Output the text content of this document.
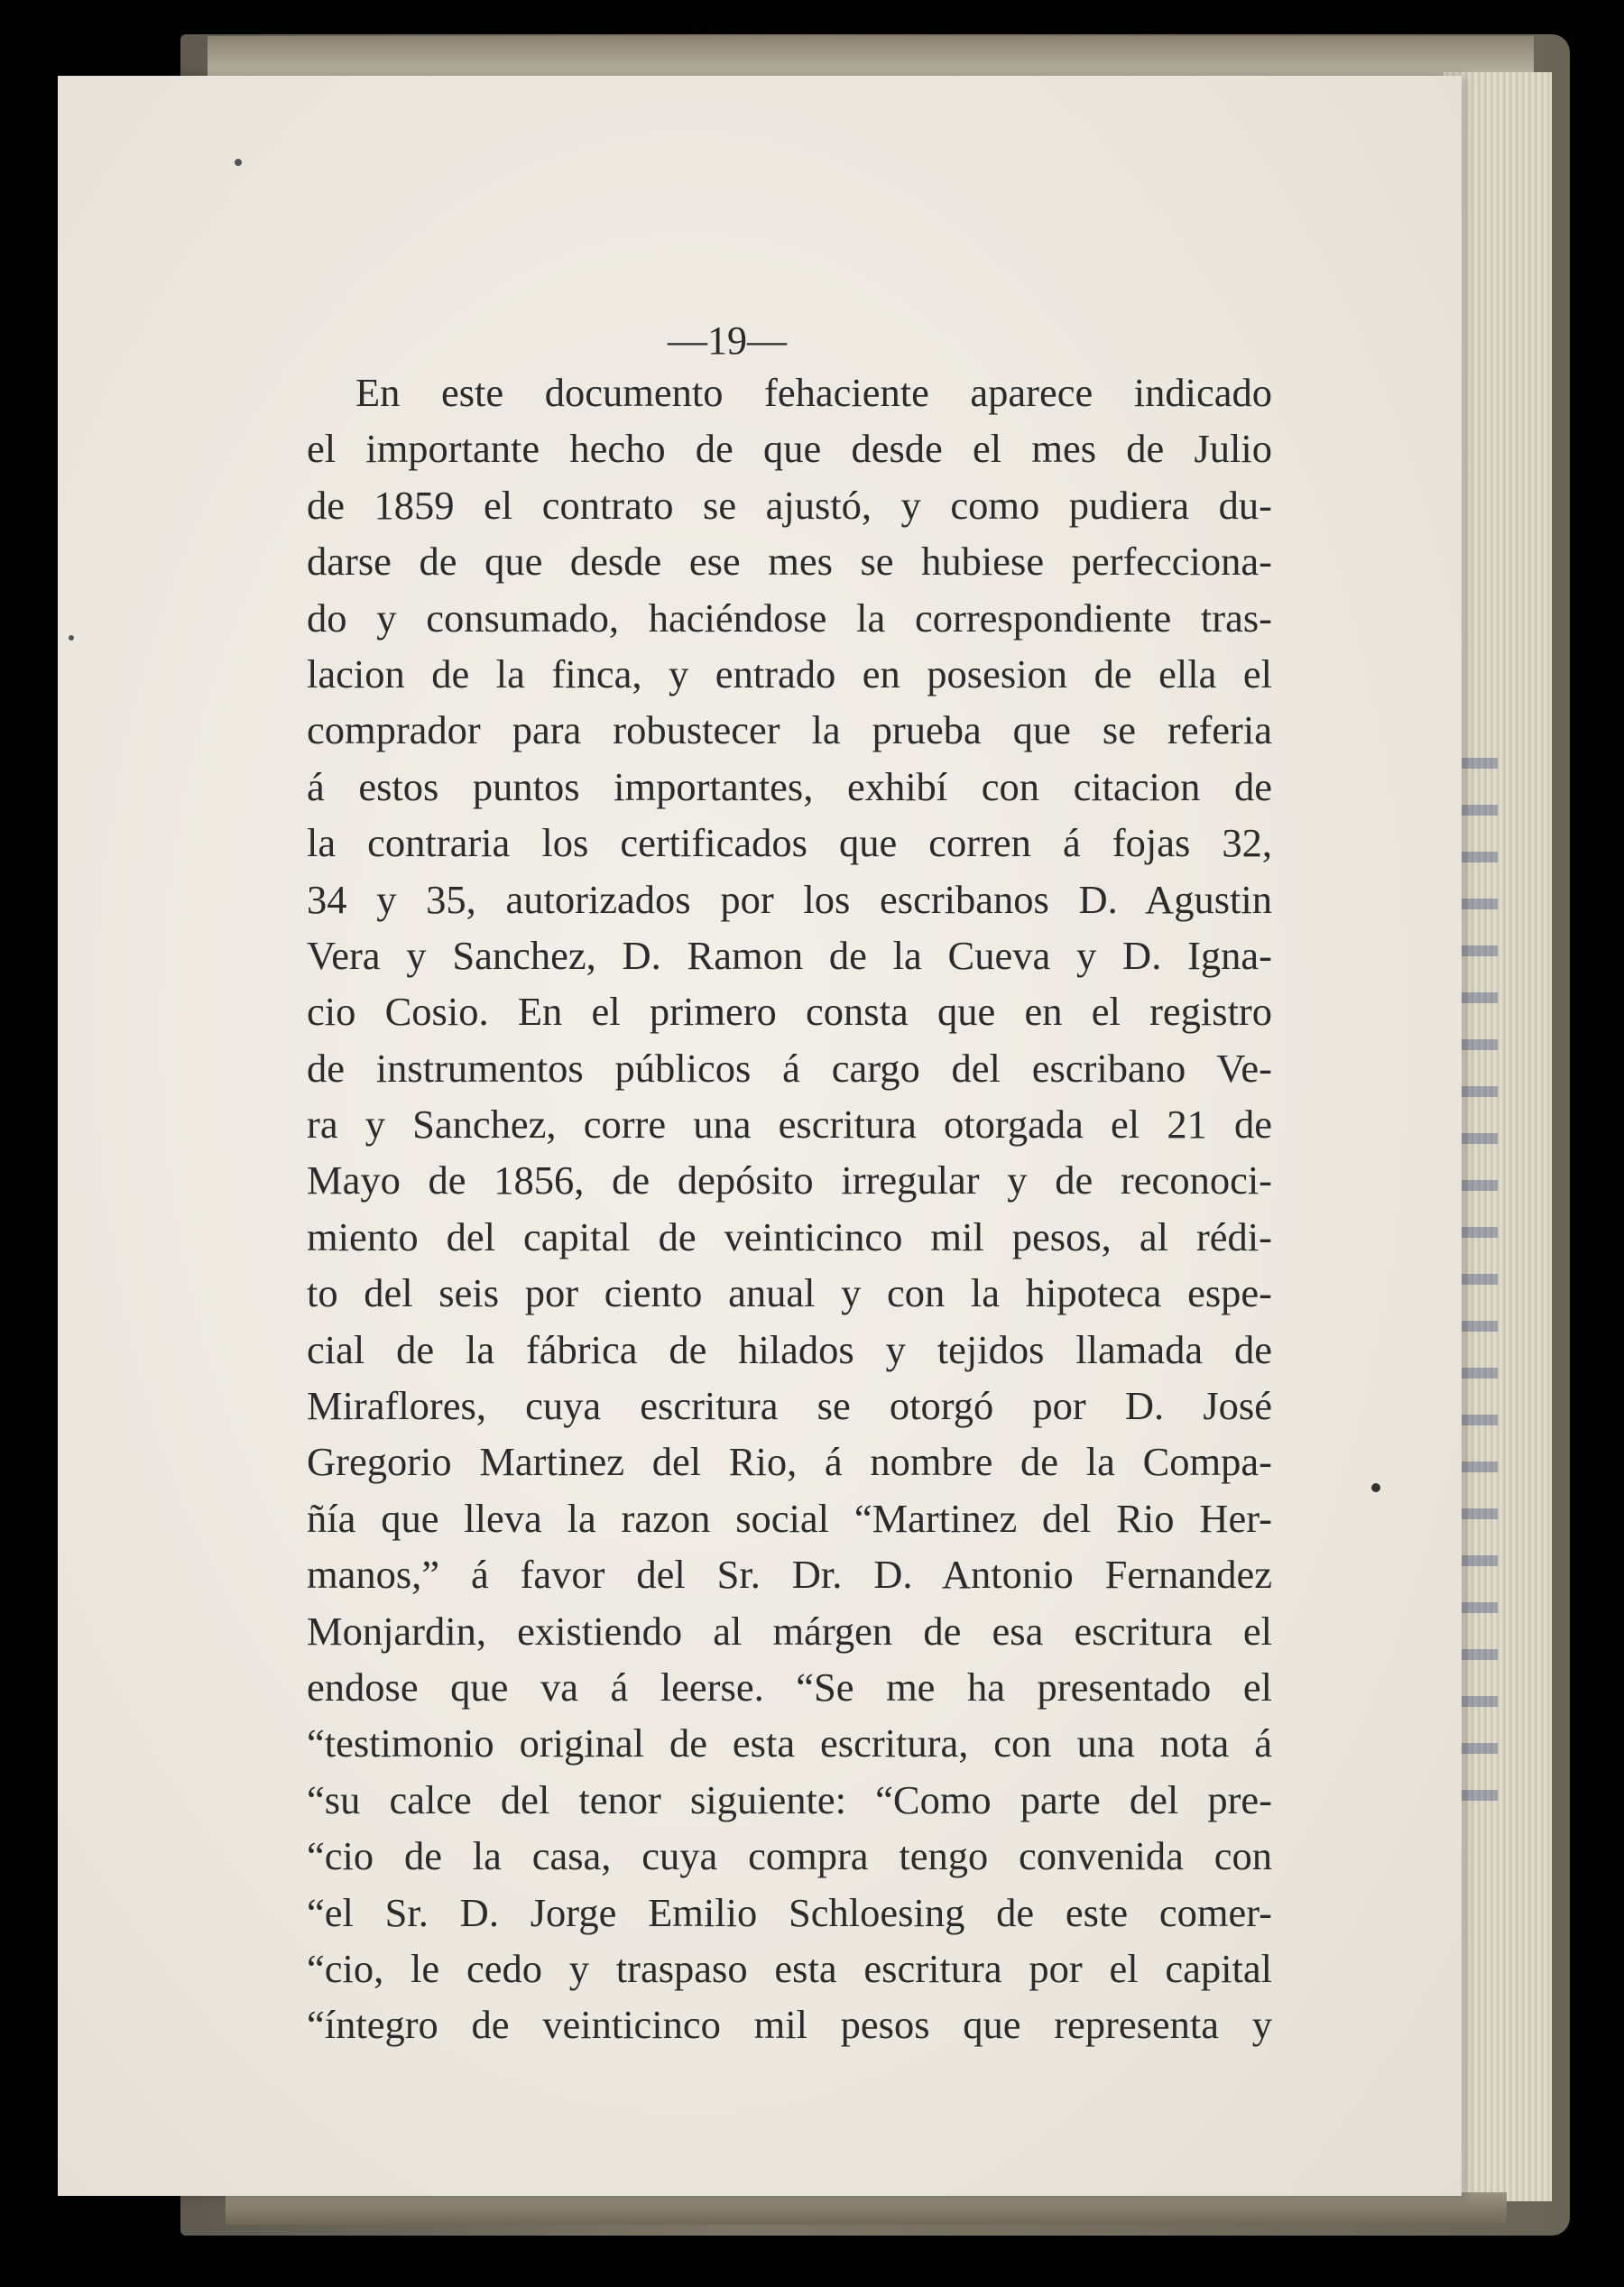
—19—
En este documento fehaciente aparece indicado
el importante hecho de que desde el mes de Julio
de 1859 el contrato se ajustó, y como pudiera du-
darse de que desde ese mes se hubiese perfecciona-
do y consumado, haciéndose la correspondiente tras-
lacion de la finca, y entrado en posesion de ella el
comprador para robustecer la prueba que se referia
á estos puntos importantes, exhibí con citacion de
la contraria los certificados que corren á fojas 32,
34 y 35, autorizados por los escribanos D. Agustin
Vera y Sanchez, D. Ramon de la Cueva y D. Igna-
cio Cosio. En el primero consta que en el registro
de instrumentos públicos á cargo del escribano Ve-
ra y Sanchez, corre una escritura otorgada el 21 de
Mayo de 1856, de depósito irregular y de reconoci-
miento del capital de veinticinco mil pesos, al rédi-
to del seis por ciento anual y con la hipoteca espe-
cial de la fábrica de hilados y tejidos llamada de
Miraflores, cuya escritura se otorgó por D. José
Gregorio Martinez del Rio, á nombre de la Compa-
ñía que lleva la razon social “Martinez del Rio Her-
manos,” á favor del Sr. Dr. D. Antonio Fernandez
Monjardin, existiendo al márgen de esa escritura el
endose que va á leerse. “Se me ha presentado el
“testimonio original de esta escritura, con una nota á
“su calce del tenor siguiente: “Como parte del pre-
“cio de la casa, cuya compra tengo convenida con
“el Sr. D. Jorge Emilio Schloesing de este comer-
“cio, le cedo y traspaso esta escritura por el capital
“íntegro de veinticinco mil pesos que representa y
